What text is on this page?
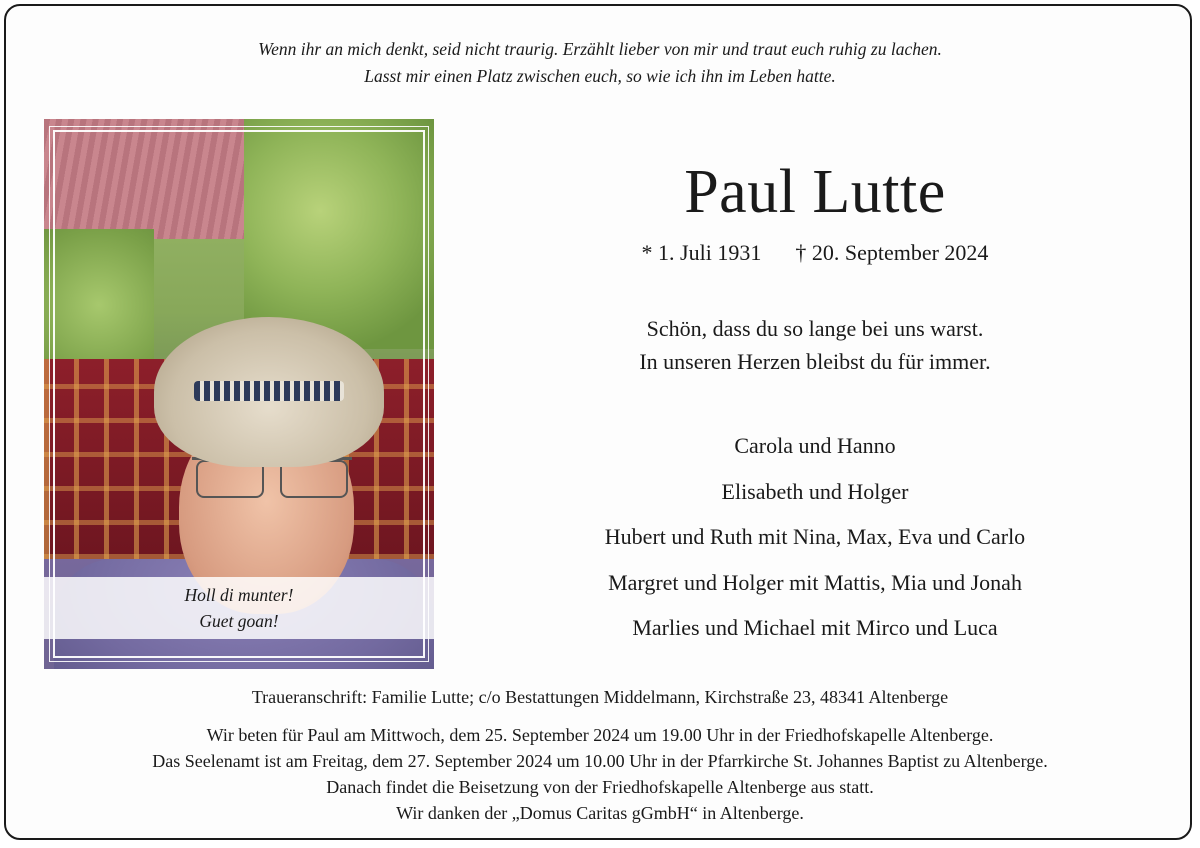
Wenn ihr an mich denkt, seid nicht traurig. Erzählt lieber von mir und traut euch ruhig zu lachen.
Lasst mir einen Platz zwischen euch, so wie ich ihn im Leben hatte.
Holl di munter!
Guet goan!
Paul Lutte
* 1. Juli 1931 † 20. September 2024
Schön, dass du so lange bei uns warst.
In unseren Herzen bleibst du für immer.
Carola und Hanno
Elisabeth und Holger
Hubert und Ruth mit Nina, Max, Eva und Carlo
Margret und Holger mit Mattis, Mia und Jonah
Marlies und Michael mit Mirco und Luca
Traueranschrift: Familie Lutte; c/o Bestattungen Middelmann, Kirchstraße 23, 48341 Altenberge
Wir beten für Paul am Mittwoch, dem 25. September 2024 um 19.00 Uhr in der Friedhofskapelle Altenberge.
Das Seelenamt ist am Freitag, dem 27. September 2024 um 10.00 Uhr in der Pfarrkirche St. Johannes Baptist zu Altenberge.
Danach findet die Beisetzung von der Friedhofskapelle Altenberge aus statt.
Wir danken der „Domus Caritas gGmbH“ in Altenberge.
